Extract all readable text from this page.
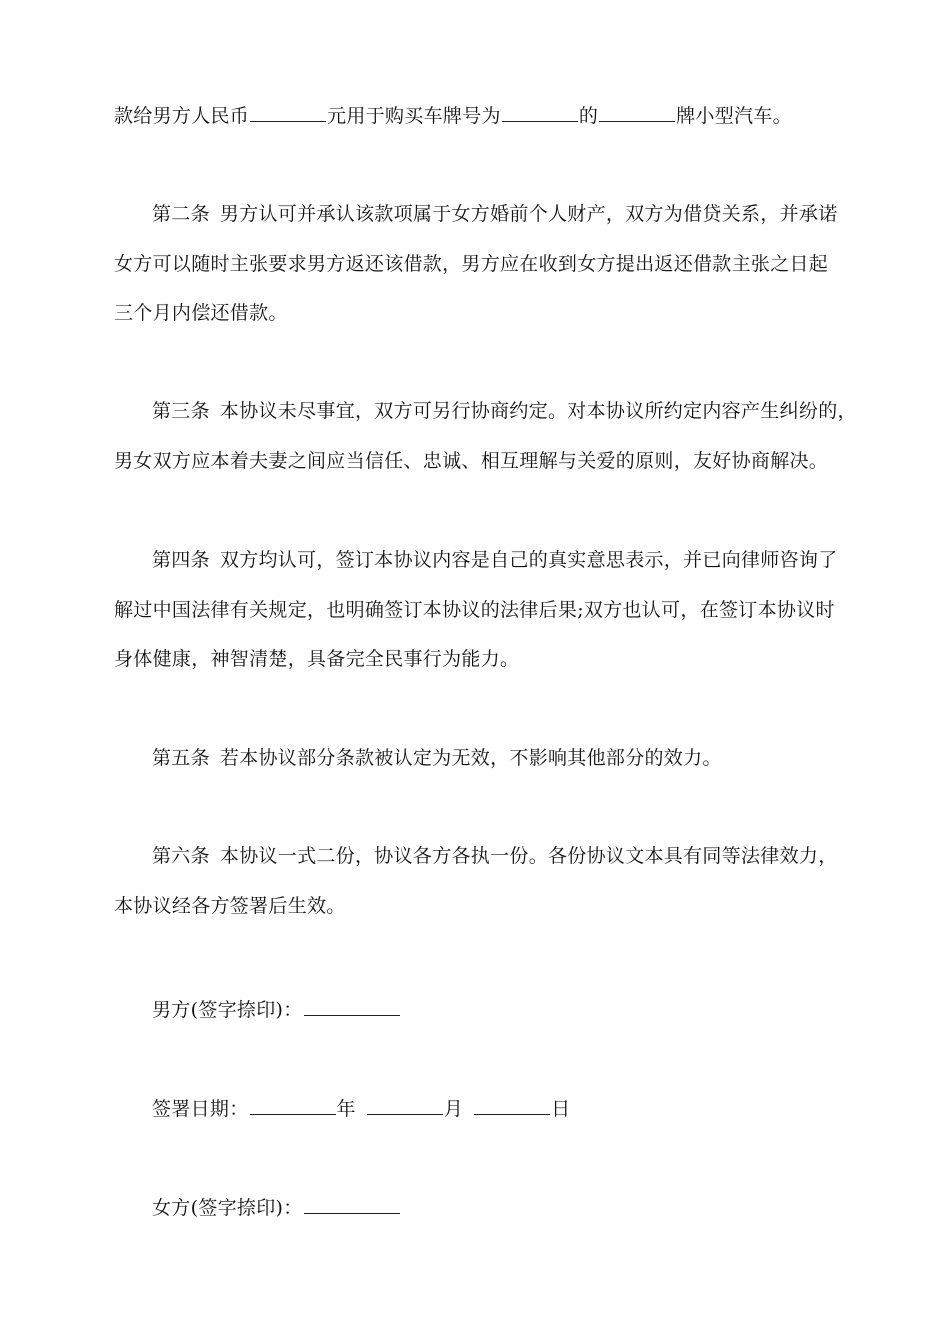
款给男方人民币	元用于购买车牌号为	的	牌小型汽车。
第二条 男方认可并承认该款项属于女方婚前个人财产，双方为借贷关系，并承诺
女方可以随时主张要求男方返还该借款，男方应在收到女方提出返还借款主张之日起
三个月内偿还借款。
第三条 本协议未尽事宜，双方可另行协商约定。对本协议所约定内容产生纠纷的，
男女双方应本着夫妻之间应当信任、忠诚、相互理解与关爱的原则，友好协商解决。
第四条 双方均认可，签订本协议内容是自己的真实意思表示，并已向律师咨询了
解过中国法律有关规定，也明确签订本协议的法律后果;双方也认可，在签订本协议时
身体健康，神智清楚，具备完全民事行为能力。
第五条 若本协议部分条款被认定为无效，不影响其他部分的效力。
第六条 本协议一式二份，协议各方各执一份。各份协议文本具有同等法律效力，
本协议经各方签署后生效。
男方(签字捺印)：
签署日期：	年	月	日
女方(签字捺印)：
